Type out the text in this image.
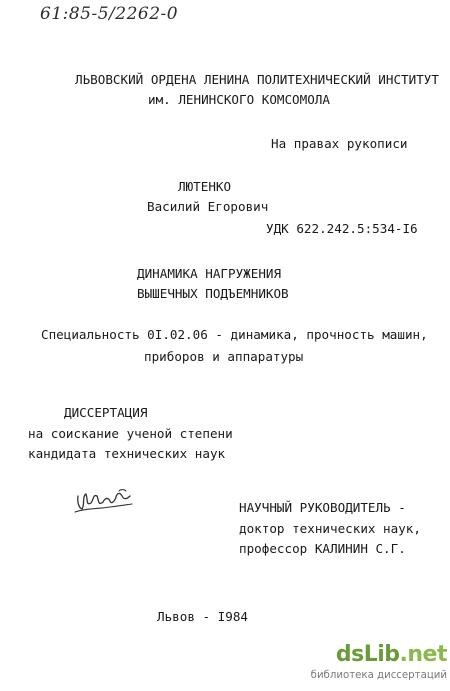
61:85-5/2262-0
ЛЬВОВСКИЙ ОРДЕНА ЛЕНИНА ПОЛИТЕХНИЧЕСКИЙ ИНСТИТУТ
им. ЛЕНИНСКОГО КОМСОМОЛА
На правах рукописи
ЛЮТЕНКО
Василий Егорович
УДК 622.242.5:534-I6
ДИНАМИКА НАГРУЖЕНИЯ
ВЫШЕЧНЫХ ПОДЪЕМНИКОВ
Специальность 0I.02.06 - динамика, прочность машин,
приборов и аппаратуры
ДИССЕРТАЦИЯ
на соискание ученой степени
кандидата технических наук
НАУЧНЫЙ РУКОВОДИТЕЛЬ -
доктор технических наук,
профессор КАЛИНИН С.Г.
Львов - I984
dsLib.net
библиотека диссертаций
